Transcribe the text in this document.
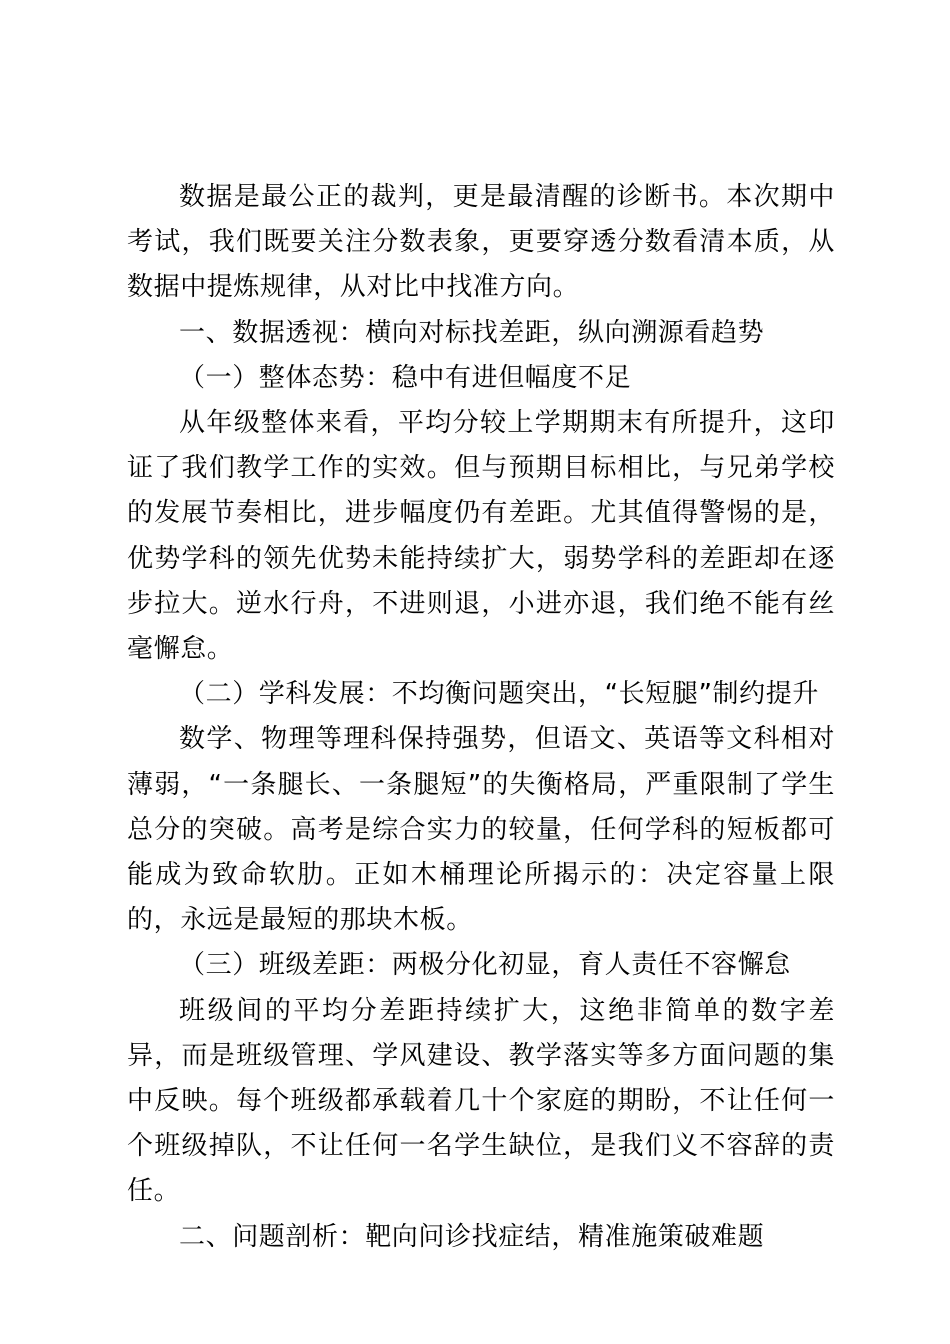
数据是最公正的裁判，更是最清醒的诊断书。本次期中考试，我们既要关注分数表象，更要穿透分数看清本质，从数据中提炼规律，从对比中找准方向。

一、数据透视：横向对标找差距，纵向溯源看趋势

（一）整体态势：稳中有进但幅度不足

从年级整体来看，平均分较上学期期末有所提升，这印证了我们教学工作的实效。但与预期目标相比，与兄弟学校的发展节奏相比，进步幅度仍有差距。尤其值得警惕的是，优势学科的领先优势未能持续扩大，弱势学科的差距却在逐步拉大。逆水行舟，不进则退，小进亦退，我们绝不能有丝毫懈怠。

（二）学科发展：不均衡问题突出，“长短腿”制约提升

数学、物理等理科保持强势，但语文、英语等文科相对薄弱，“一条腿长、一条腿短”的失衡格局，严重限制了学生总分的突破。高考是综合实力的较量，任何学科的短板都可能成为致命软肋。正如木桶理论所揭示的：决定容量上限的，永远是最短的那块木板。

（三）班级差距：两极分化初显，育人责任不容懈怠

班级间的平均分差距持续扩大，这绝非简单的数字差异，而是班级管理、学风建设、教学落实等多方面问题的集中反映。每个班级都承载着几十个家庭的期盼，不让任何一个班级掉队，不让任何一名学生缺位，是我们义不容辞的责任。

二、问题剖析：靶向问诊找症结，精准施策破难题
